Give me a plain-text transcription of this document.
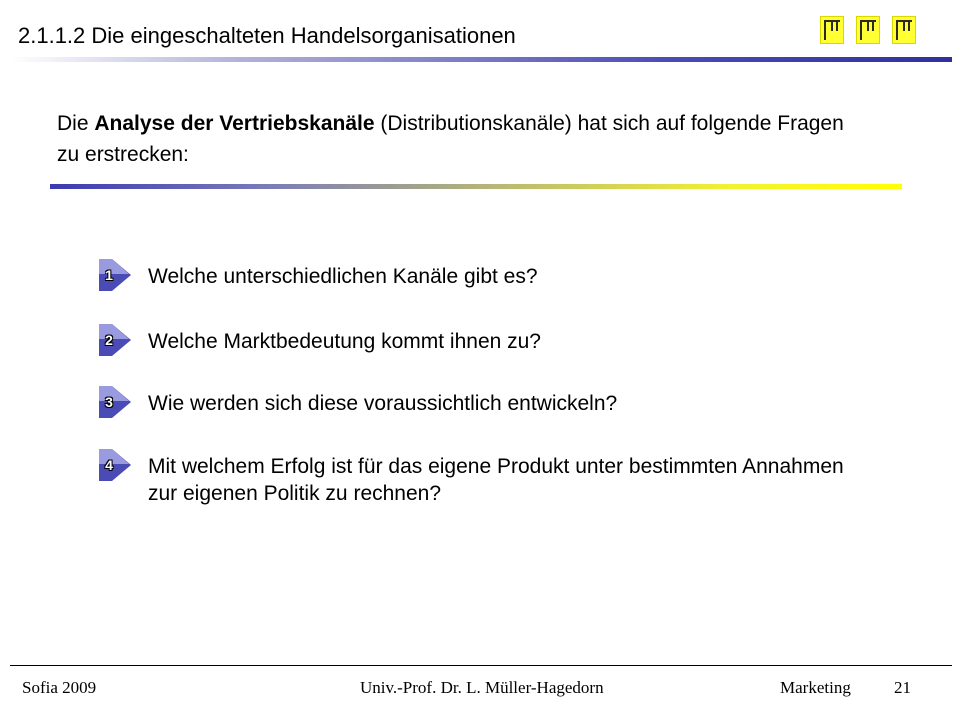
2.1.1.2 Die eingeschalteten Handelsorganisationen
Die Analyse der Vertriebskanäle (Distributionskanäle) hat sich auf folgende Fragen zu erstrecken:
1 Welche unterschiedlichen Kanäle gibt es?
2 Welche Marktbedeutung kommt ihnen zu?
3 Wie werden sich diese voraussichtlich entwickeln?
4 Mit welchem Erfolg ist für das eigene Produkt unter bestimmten Annahmen zur eigenen Politik zu rechnen?
Sofia 2009	Univ.-Prof. Dr. L. Müller-Hagedorn	Marketing	21
